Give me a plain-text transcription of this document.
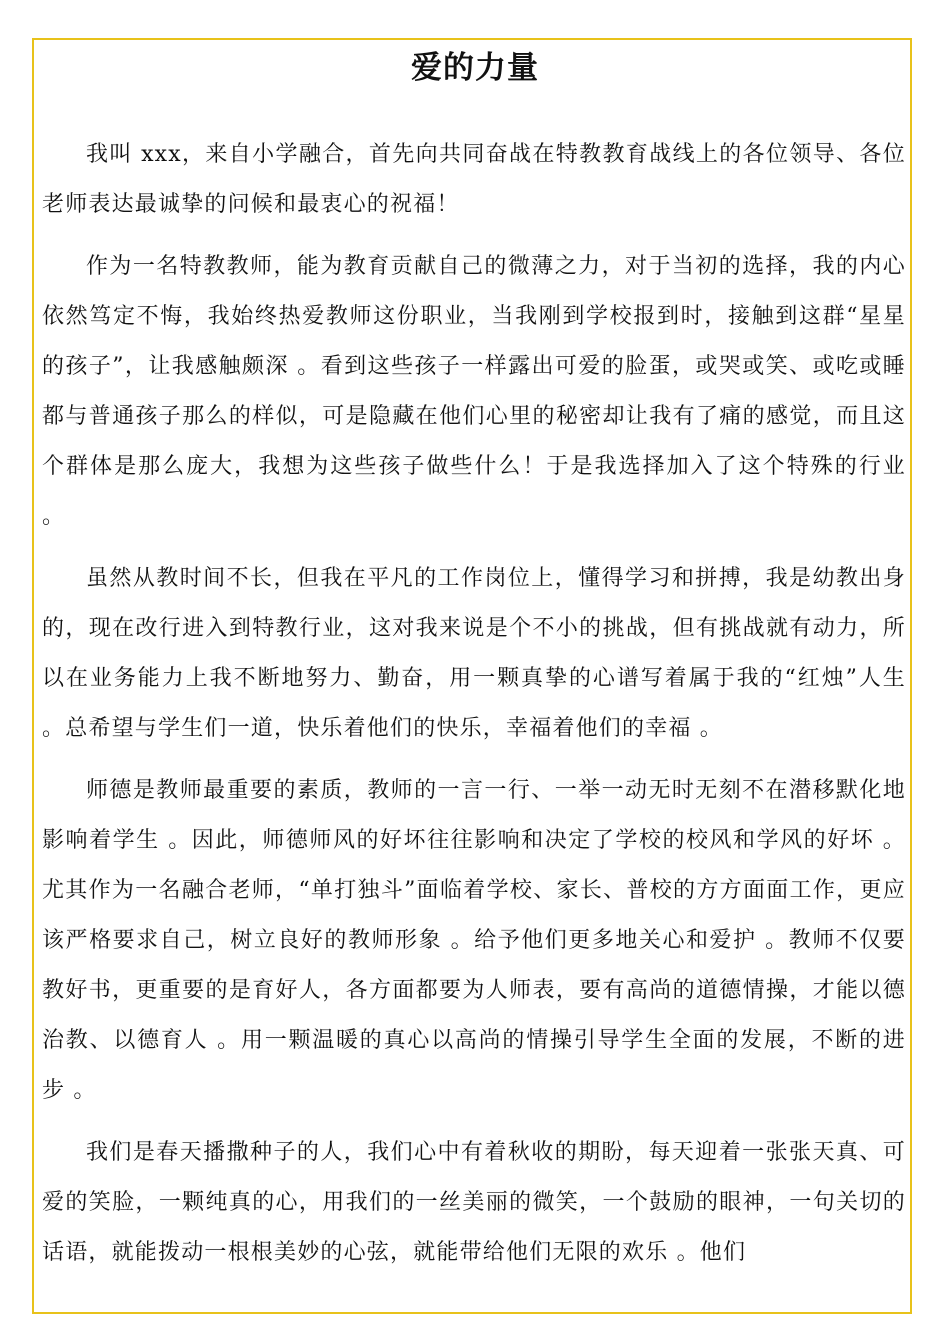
爱的力量

我叫 xxx，来自小学融合，首先向共同奋战在特教教育战线上的各位领导、各位老师表达最诚挚的问候和最衷心的祝福！

作为一名特教教师，能为教育贡献自己的微薄之力，对于当初的选择，我的内心依然笃定不悔，我始终热爱教师这份职业，当我刚到学校报到时，接触到这群“星星的孩子”，让我感触颇深 。看到这些孩子一样露出可爱的脸蛋，或哭或笑、或吃或睡都与普通孩子那么的样似，可是隐藏在他们心里的秘密却让我有了痛的感觉，而且这个群体是那么庞大，我想为这些孩子做些什么！于是我选择加入了这个特殊的行业 。

虽然从教时间不长，但我在平凡的工作岗位上，懂得学习和拼搏，我是幼教出身的，现在改行进入到特教行业，这对我来说是个不小的挑战，但有挑战就有动力，所以在业务能力上我不断地努力、勤奋，用一颗真挚的心谱写着属于我的“红烛”人生 。总希望与学生们一道，快乐着他们的快乐，幸福着他们的幸福 。

师德是教师最重要的素质，教师的一言一行、一举一动无时无刻不在潜移默化地影响着学生 。因此，师德师风的好坏往往影响和决定了学校的校风和学风的好坏 。尤其作为一名融合老师，“单打独斗”面临着学校、家长、普校的方方面面工作，更应该严格要求自己，树立良好的教师形象 。给予他们更多地关心和爱护 。教师不仅要教好书，更重要的是育好人，各方面都要为人师表，要有高尚的道德情操，才能以德治教、以德育人 。用一颗温暖的真心以高尚的情操引导学生全面的发展，不断的进步 。

我们是春天播撒种子的人，我们心中有着秋收的期盼，每天迎着一张张天真、可爱的笑脸，一颗纯真的心，用我们的一丝美丽的微笑，一个鼓励的眼神，一句关切的话语，就能拨动一根根美妙的心弦，就能带给他们无限的欢乐 。他们
